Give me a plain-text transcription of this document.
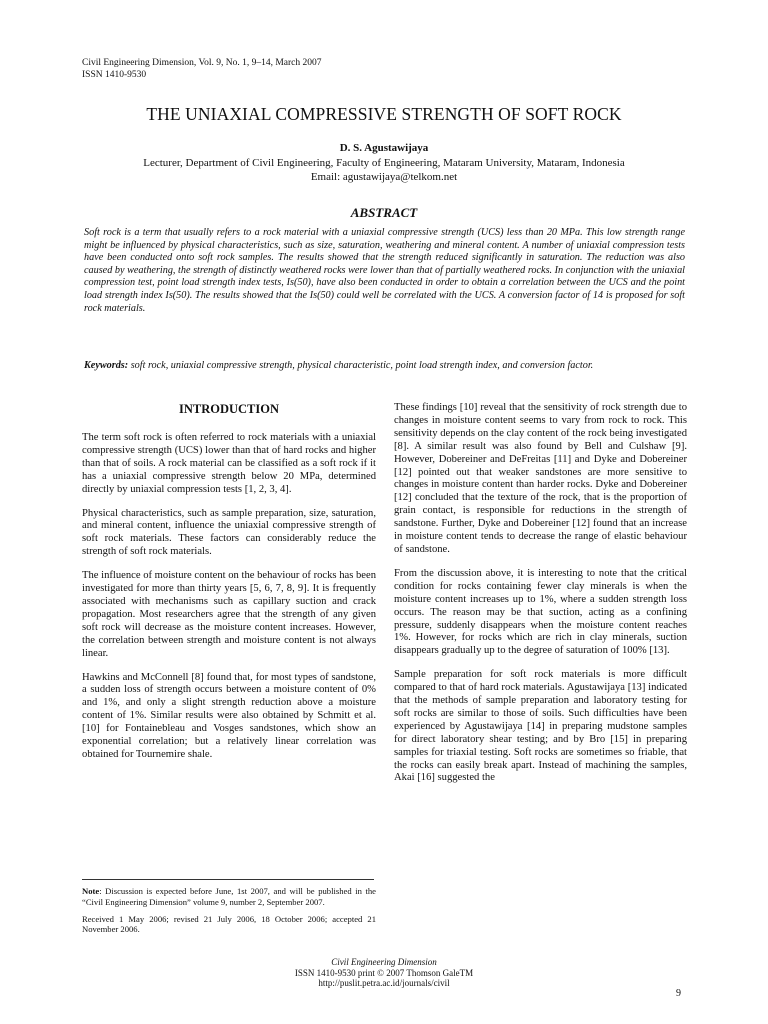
Civil Engineering Dimension, Vol. 9, No. 1, 9–14, March 2007
ISSN 1410-9530
THE UNIAXIAL COMPRESSIVE STRENGTH OF SOFT ROCK
D. S. Agustawijaya
Lecturer, Department of Civil Engineering, Faculty of Engineering, Mataram University, Mataram, Indonesia
Email: agustawijaya@telkom.net
ABSTRACT
Soft rock is a term that usually refers to a rock material with a uniaxial compressive strength (UCS) less than 20 MPa. This low strength range might be influenced by physical characteristics, such as size, saturation, weathering and mineral content. A number of uniaxial compression tests have been conducted onto soft rock samples. The results showed that the strength reduced significantly in saturation. The reduction was also caused by weathering, the strength of distinctly weathered rocks were lower than that of partially weathered rocks. In conjunction with the uniaxial compression test, point load strength index tests, Is(50), have also been conducted in order to obtain a correlation between the UCS and the point load strength index Is(50). The results showed that the Is(50) could well be correlated with the UCS. A conversion factor of 14 is proposed for soft rock materials.
Keywords: soft rock, uniaxial compressive strength, physical characteristic, point load strength index, and conversion factor.
INTRODUCTION

The term soft rock is often referred to rock materials with a uniaxial compressive strength (UCS) lower than that of hard rocks and higher than that of soils. A rock material can be classified as a soft rock if it has a uniaxial compressive strength below 20 MPa, determined directly by uniaxial compression tests [1, 2, 3, 4].

Physical characteristics, such as sample preparation, size, saturation, and mineral content, influence the uniaxial compressive strength of soft rock materials. These factors can considerably reduce the strength of soft rock materials.

The influence of moisture content on the behaviour of rocks has been investigated for more than thirty years [5, 6, 7, 8, 9]. It is frequently associated with mechanisms such as capillary suction and crack propagation. Most researchers agree that the strength of any given soft rock will decrease as the moisture content increases. However, the correlation between strength and moisture content is not always linear.

Hawkins and McConnell [8] found that, for most types of sandstone, a sudden loss of strength occurs between a moisture content of 0% and 1%, and only a slight strength reduction above a moisture content of 1%. Similar results were also obtained by Schmitt et al. [10] for Fontainebleau and Vosges sandstones, which show an exponential correlation; but a relatively linear correlation was obtained for Tournemire shale.

These findings [10] reveal that the sensitivity of rock strength due to changes in moisture content seems to vary from rock to rock. This sensitivity depends on the clay content of the rock being investigated [8]. A similar result was also found by Bell and Culshaw [9]. However, Dobereiner and DeFreitas [11] and Dyke and Dobereiner [12] pointed out that weaker sandstones are more sensitive to changes in moisture content than harder rocks. Dyke and Dobereiner [12] concluded that the texture of the rock, that is the proportion of grain contact, is responsible for reductions in the strength of sandstone. Further, Dyke and Dobereiner [12] found that an increase in moisture content tends to decrease the range of elastic behaviour of sandstone.

From the discussion above, it is interesting to note that the critical condition for rocks containing fewer clay minerals is when the moisture content increases up to 1%, where a sudden strength loss occurs. The reason may be that suction, acting as a confining pressure, suddenly disappears when the moisture content reaches 1%. However, for rocks which are rich in clay minerals, suction disappears gradually up to the degree of saturation of 100% [13].

Sample preparation for soft rock materials is more difficult compared to that of hard rock materials. Agustawijaya [13] indicated that the methods of sample preparation and laboratory testing for soft rocks are similar to those of soils. Such difficulties have been experienced by Agustawijaya [14] in preparing mudstone samples for direct laboratory shear testing; and by Bro [15] in preparing samples for triaxial testing. Soft rocks are sometimes so friable, that the rocks can easily break apart. Instead of machining the samples, Akai [16] suggested the

Note: Discussion is expected before June, 1st 2007, and will be published in the “Civil Engineering Dimension” volume 9, number 2, September 2007.

Received 1 May 2006; revised 21 July 2006, 18 October 2006; accepted 21 November 2006.

Civil Engineering Dimension
ISSN 1410-9530 print © 2007 Thomson GaleTM
http://puslit.petra.ac.id/journals/civil
9
